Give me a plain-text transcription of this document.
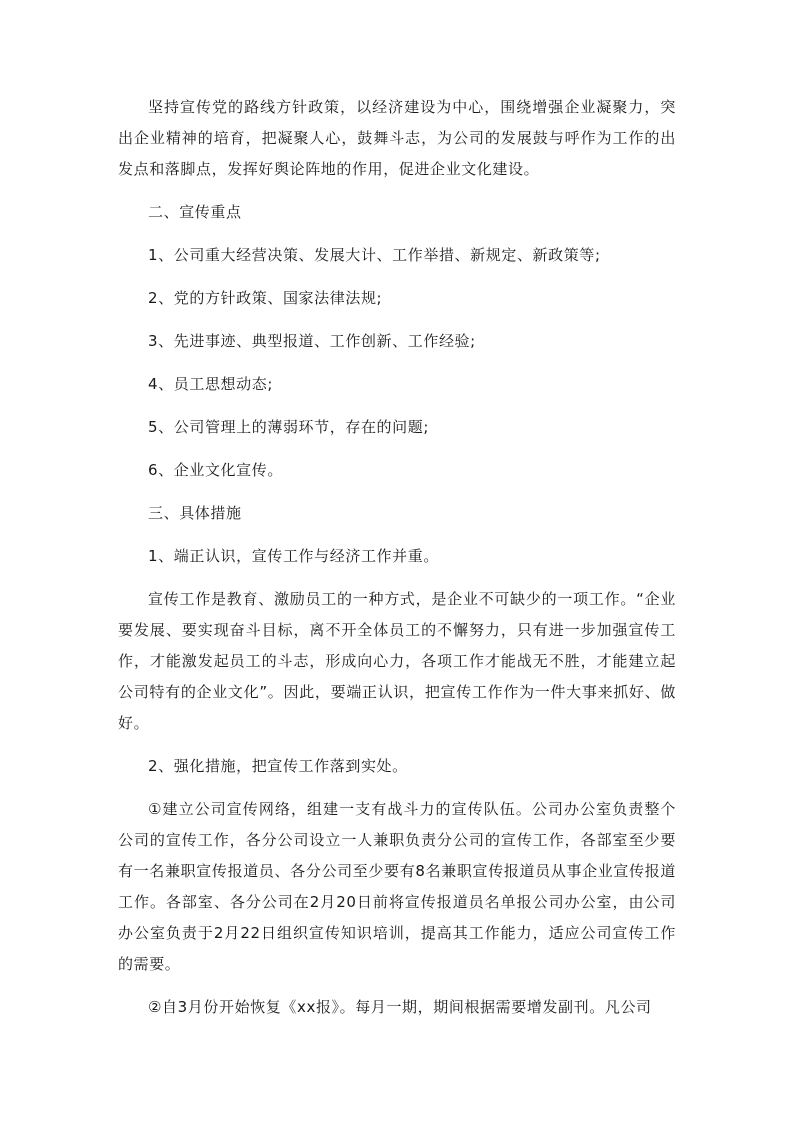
坚持宣传党的路线方针政策，以经济建设为中心，围绕增强企业凝聚力，突出企业精神的培育，把凝聚人心，鼓舞斗志，为公司的发展鼓与呼作为工作的出发点和落脚点，发挥好舆论阵地的作用，促进企业文化建设。

二、宣传重点

1、公司重大经营决策、发展大计、工作举措、新规定、新政策等;

2、党的方针政策、国家法律法规;

3、先进事迹、典型报道、工作创新、工作经验;

4、员工思想动态;

5、公司管理上的薄弱环节，存在的问题;

6、企业文化宣传。

三、具体措施

1、端正认识，宣传工作与经济工作并重。

宣传工作是教育、激励员工的一种方式，是企业不可缺少的一项工作。“企业要发展、要实现奋斗目标，离不开全体员工的不懈努力，只有进一步加强宣传工作，才能激发起员工的斗志，形成向心力，各项工作才能战无不胜，才能建立起公司特有的企业文化”。因此，要端正认识，把宣传工作作为一件大事来抓好、做好。

2、强化措施，把宣传工作落到实处。

①建立公司宣传网络，组建一支有战斗力的宣传队伍。公司办公室负责整个公司的宣传工作，各分公司设立一人兼职负责分公司的宣传工作，各部室至少要有一名兼职宣传报道员、各分公司至少要有8名兼职宣传报道员从事企业宣传报道工作。各部室、各分公司在2月20日前将宣传报道员名单报公司办公室，由公司办公室负责于2月22日组织宣传知识培训，提高其工作能力，适应公司宣传工作的需要。

②自3月份开始恢复《xx报》。每月一期，期间根据需要增发副刊。凡公司
